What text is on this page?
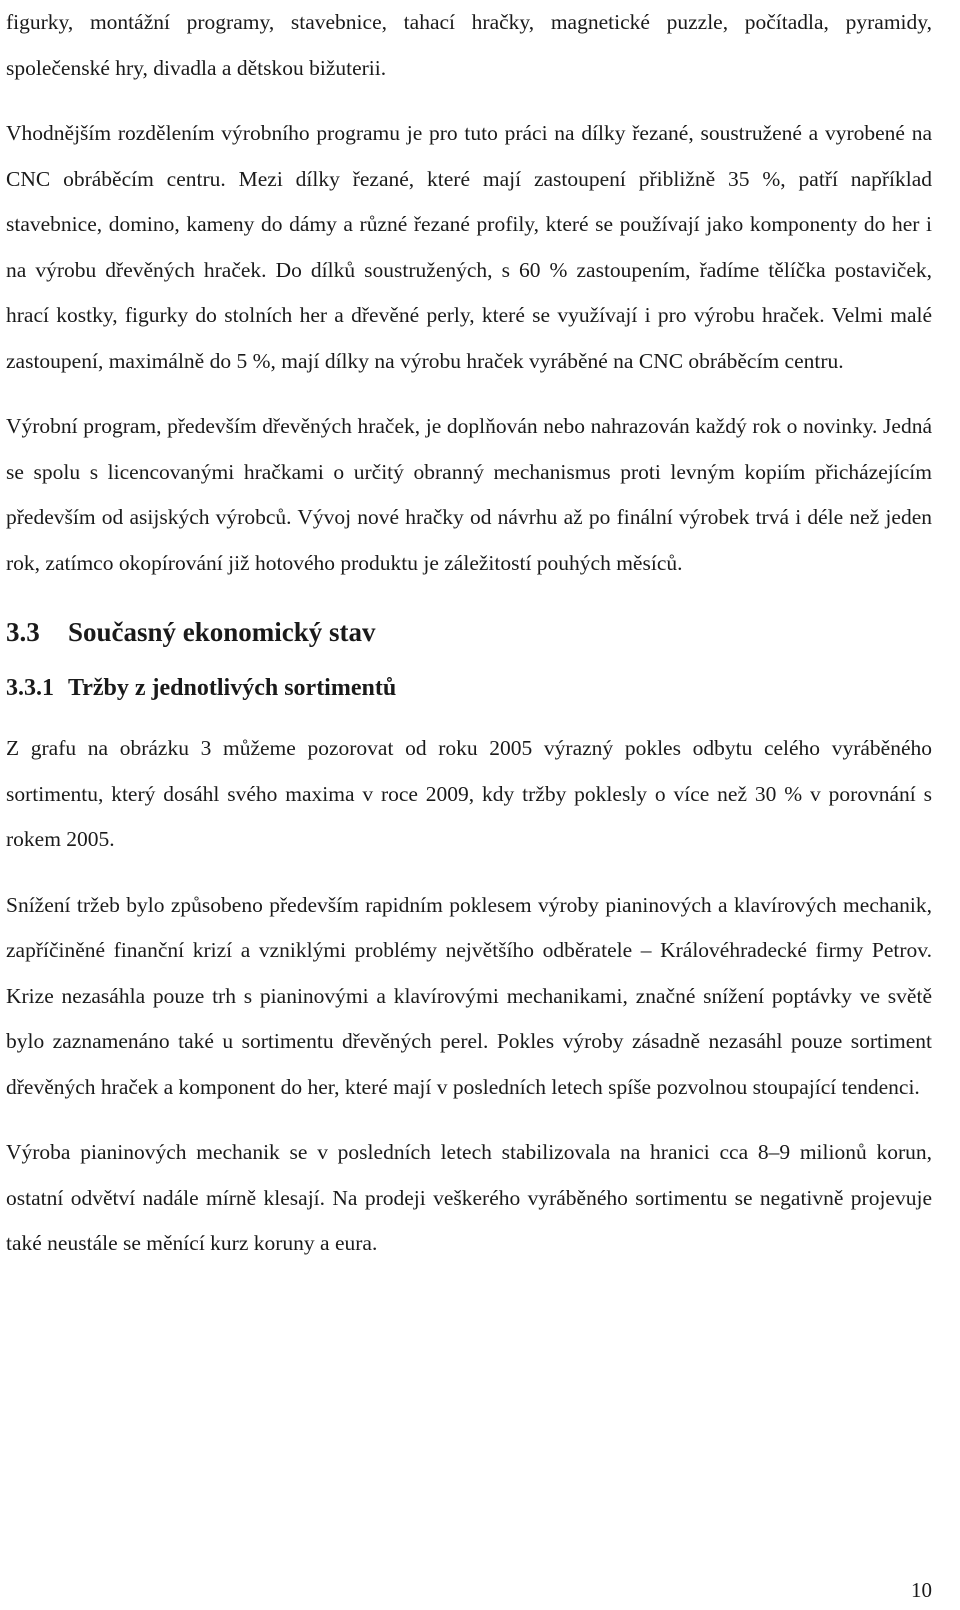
figurky, montážní programy, stavebnice, tahací hračky, magnetické puzzle, počítadla, pyramidy, společenské hry, divadla a dětskou bižuterii.

Vhodnějším rozdělením výrobního programu je pro tuto práci na dílky řezané, soustružené a vyrobené na CNC obráběcím centru. Mezi dílky řezané, které mají zastoupení přibližně 35 %, patří například stavebnice, domino, kameny do dámy a různé řezané profily, které se používají jako komponenty do her i na výrobu dřevěných hraček. Do dílků soustružených, s 60 % zastoupením, řadíme tělíčka postaviček, hrací kostky, figurky do stolních her a dřevěné perly, které se využívají i pro výrobu hraček. Velmi malé zastoupení, maximálně do 5 %, mají dílky na výrobu hraček vyráběné na CNC obráběcím centru.

Výrobní program, především dřevěných hraček, je doplňován nebo nahrazován každý rok o novinky. Jedná se spolu s licencovanými hračkami o určitý obranný mechanismus proti levným kopiím přicházejícím především od asijských výrobců. Vývoj nové hračky od návrhu až po finální výrobek trvá i déle než jeden rok, zatímco okopírování již hotového produktu je záležitostí pouhých měsíců.

3.3 Současný ekonomický stav
3.3.1 Tržby z jednotlivých sortimentů

Z grafu na obrázku 3 můžeme pozorovat od roku 2005 výrazný pokles odbytu celého vyráběného sortimentu, který dosáhl svého maxima v roce 2009, kdy tržby poklesly o více než 30 % v porovnání s rokem 2005.

Snížení tržeb bylo způsobeno především rapidním poklesem výroby pianinových a klavírových mechanik, zapříčiněné finanční krizí a vzniklými problémy největšího odběratele – Královéhradecké firmy Petrov. Krize nezasáhla pouze trh s pianinovými a klavírovými mechanikami, značné snížení poptávky ve světě bylo zaznamenáno také u sortimentu dřevěných perel. Pokles výroby zásadně nezasáhl pouze sortiment dřevěných hraček a komponent do her, které mají v posledních letech spíše pozvolnou stoupající tendenci.

Výroba pianinových mechanik se v posledních letech stabilizovala na hranici cca 8–9 milionů korun, ostatní odvětví nadále mírně klesají. Na prodeji veškerého vyráběného sortimentu se negativně projevuje také neustále se měnící kurz koruny a eura.

10
